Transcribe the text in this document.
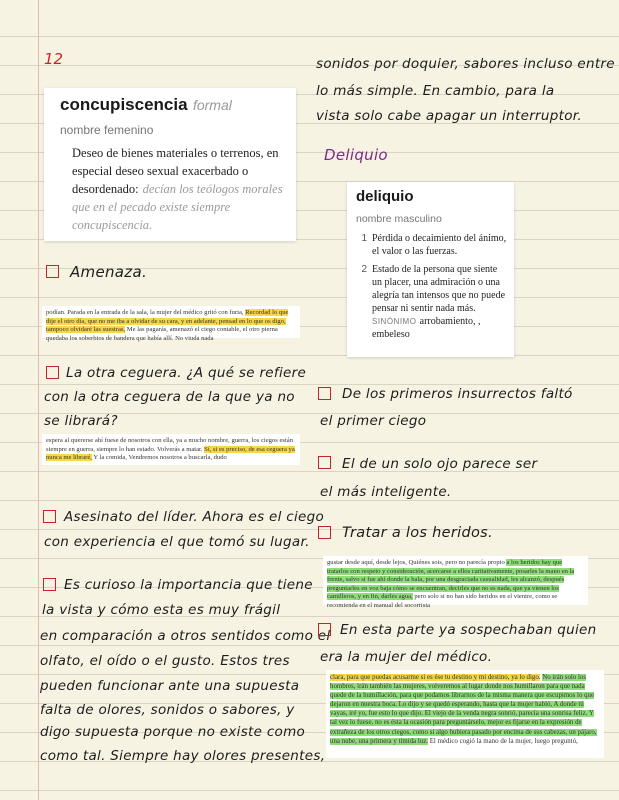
12
concupiscencia formal
nombre femenino
Deseo de bienes materiales o terrenos, en especial deseo sexual exacerbado o desordenado: decían los teólogos morales que en el pecado existe siempre concupiscencia.
deliquio
nombre masculino
1 Pérdida o decaimiento del ánimo, el valor o las fuerzas.
2 Estado de la persona que siente un placer, una admiración o una alegría tan intensos que no puede pensar ni sentir nada más.
SINÓNIMO arrobamiento, , embeleso
Amenaza.
podían. Parada en la entrada de la sala, la mujer del médico gritó con furia, Recordad lo que dije el otro día, que no me iba a olvidar de su cara, y en adelante, pensad en lo que os digo, tampoco olvidaré las suestras, Me las pagarás, amenazó el ciego contable, el otro pierna quedaba los soberbios de bandera que había allí. No viuda nada
La otra ceguera. ¿A qué se refiere
con la otra ceguera de la que ya no
se librará?
espera al quererse ahí fuese de nosotros con ella, ya a mucho nombre, guerra, los ciegos están siempre en guerra, siempre lo han estado. Volverás a matar. Sí, si es preciso, de esa ceguera ya nunca me libraré, Y la comida, Vendremos nosotros a buscarla, dudo
Asesinato del líder. Ahora es el ciego
con experiencia el que tomó su lugar.
Es curioso la importancia que tiene
la vista y cómo esta es muy frágil
en comparación a otros sentidos como el
olfato, el oído o el gusto. Estos tres
pueden funcionar ante una supuesta
falta de olores, sonidos o sabores, y
digo supuesta porque no existe como
como tal. Siempre hay olores presentes,
sonidos por doquier, sabores incluso entre
lo más simple. En cambio, para la
vista solo cabe apagar un interruptor.
Deliquio
De los primeros insurrectos faltó
el primer ciego
El de un solo ojo parece ser
el más inteligente.
Tratar a los heridos.
gustar desde aquí, desde lejos, Quiénes sois, pero no parecía propio a los heridos hay que tratarlos con respeto y consideración, acercarse a ellos caritativamente, posarles la mano en la frente, salvo si fue ahí donde la bala, por una desgraciada casualidad, les alcanzó, después preguntarles en voz baja cómo se encuentran, decirles que no es nada, que ya vienen los camilleros, y en fin, darles agua, pero solo si no han sido heridos en el vientre, como se recomienda en el manual del socorrista
En esta parte ya sospechaban quien
era la mujer del médico.
clara, para que puedas acusarme si es ése tu destino y mi destino, ya lo digo. No irán solo los hombres, irán también las mujeres, volveremos al lugar donde nos humillaron para que nada quede de la humillación, para que podamos librarnos de la misma manera que escupimos lo que dejaron en nuestra boca. Lo dijo y se quedó esperando, hasta que la mujer habló, A donde tú vayas, iré yo, fue esto lo que dijo. El viejo de la venda negra sonrió, parecía una sonrisa feliz. Y tal vez lo fuese, no es ésta la ocasión para preguntárselo, mejor es fijarse en la expresión de extrañeza de los otros ciegos, como si algo hubiera pasado por encima de sus cabezas, un pájaro, una nube, una primera y tímida luz. El médico cogió la mano de la mujer, luego preguntó,
